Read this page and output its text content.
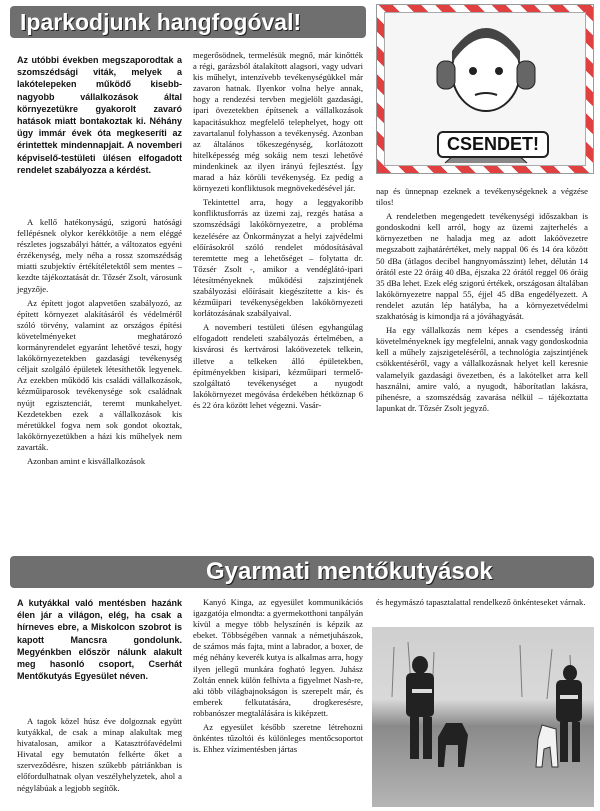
Iparkodjunk hangfogóval!

Az utóbbi években megszaporodtak a szomszédsági viták, melyek a lakótelepeken működő kisebb-nagyobb vállalkozások által környezetükre gyakorolt zavaró hatások miatt bontakoztak ki. Néhány ügy immár évek óta megkeseríti az érintettek mindennapjait. A novemberi képviselő-testületi ülésen elfogadott rendelet szabályozza a kérdést.

A kellő hatékonyságú, szigorú hatósági fellépésnek olykor kerékkötője a nem eléggé részletes jogszabályi háttér, a változatos egyéni érzékenység, mely néha a rossz szomszédság miatti szubjektív értékítéletektől sem mentes – kezdte tájékoztatását dr. Tőzsér Zsolt, városunk jegyzője.

Az épített jogot alapvetően szabályozó, az épített környezet alakításáról és védelméről szóló törvény, valamint az országos építési követelményeket meghatározó kormányrendelet egyaránt lehetővé teszi, hogy lakókörnyezetekben gazdasági tevékenység céljait szolgáló épületek létesíthetők legyenek. Az ezekben működő kis családi vállalkozások, kézműiparosok tevékenysége sok családnak nyújt egzisztenciát, teremt munkahelyet. Kezdetekben ezek a vállalkozások kis méretükkel fogva nem sok gondot okoztak, lakókörnyezetükben a házi kis műhelyek nem zavarták.

Azonban amint e kisvállalkozások

megerősödnek, termelésük megnő, már kinőtték a régi, garázsból átalakított alagsori, vagy udvari kis műhelyt, intenzívebb tevékenységükkel már zavaron hatnak. Ilyenkor volna helye annak, hogy a rendezési tervben megjelölt gazdasági, ipari övezetekben építsenek a vállalkozások kapacitásukhoz megfelelő telephelyet, hogy ott zavartalanul folyhasson a tevékenység. Azonban az általános tőkeszegénység, korlátozott hitelképesség még sokáig nem teszi lehetővé mindenkinek az ilyen irányú fejlesztést. Így marad a ház körüli tevékenység. Ez pedig a környezeti konfliktusok megnövekedésével jár.

Tekintettel arra, hogy a leggyakoribb konfliktusforrás az üzemi zaj, rezgés hatása a szomszédsági lakókörnyezetre, a probléma kezelésére az Önkormányzat a helyi zajvédelmi előírásokról szóló rendelet módosításával teremtette meg a lehetőséget – folytatta dr. Tőzsér Zsolt -, amikor a vendéglátó-ipari létesítményeknek működési zajszintjének szabályozási előírásait kiegészítette a kis- és kézműipari tevékenységekben lakókörnyezeti korlátozásának szabályaival.

A novemberi testületi ülésen egyhangúlag elfogadott rendeleti szabályozás értelmében, a kisvárosi és kertvárosi lakóövezetek telkein, illetve a telkeken álló épületekben, építményekben kisipari, kézműipari termelő- szolgáltató tevékenységet a nyugodt lakókörnyezet megóvása érdekében hétköznap 6 és 22 óra között lehet végezni. Vasár-

CSENDET!

nap és ünnepnap ezeknek a tevékenységeknek a végzése tilos!

A rendeletben megengedett tevékenységi időszakban is gondoskodni kell arról, hogy az üzemi zajterhelés a környezetben ne haladja meg az adott lakóövezetre megszabott zajhatárértéket, mely nappal 06 és 14 óra között 50 dBa (átlagos decibel hangnyomásszint) lehet, délután 14 órától este 22 óráig 40 dBa, éjszaka 22 órától reggel 06 óráig 35 dBa lehet. Ezek elég szigorú értékek, országosan általában lakókörnyezetre nappal 55, éjjel 45 dBa engedélyezett. A rendelet azután lép hatályba, ha a környezetvédelmi szakhatóság is kimondja rá a jóváhagyását.

Ha egy vállalkozás nem képes a csendesség iránti követelményeknek így megfelelni, annak vagy gondoskodnia kell a műhely zajszigeteléséről, a technológia zajszintjének csökkentéséről, vagy a vállalkozásnak helyet kell keresnie valamelyik gazdasági övezetben, és a lakótelket arra kell használni, amire való, a nyugodt, háborítatlan lakásra, pihenésre, a szomszédság zavarása nélkül – tájékoztatta lapunkat dr. Tőzsér Zsolt jegyző.

Gyarmati mentőkutyások

A kutyákkal való mentésben hazánk élen jár a világon, elég, ha csak a hírneves ebre, a Miskolcon szobrot is kapott Mancsra gondolunk. Megyénkben először nálunk alakult meg hasonló csoport, Cserhát Mentőkutyás Egyesület néven.

A tagok közel húsz éve dolgoznak együtt kutyákkal, de csak a minap alakultak meg hivatalosan, amikor a Katasztrófavédelmi Hivatal egy bemutatón felkérte őket a szerveződésre, hiszen szűkebb pátriánkban is előfordulhatnak olyan veszélyhelyzetek, ahol a négylábúak a legjobb segítők.

Kanyó Kinga, az egyesület kommunikációs igazgatója elmondta: a gyermekotthoni tanpályán kívül a megye több helyszínén is képzik az ebeket. Többségében vannak a németjuhászok, de számos más fajta, mint a labrador, a boxer, de még néhány keverék kutya is alkalmas arra, hogy ilyen jellegű munkára fogható legyen. Juhász Zoltán ennek külön felhívta a figyelmet Nash-re, aki több világbajnokságon is szerepelt már, és emberek felkutatására, drogkeresésre, robbanószer megtalálására is kiképzett.

Az egyesület később szeretne létrehozni önkéntes tűzoltói és különleges mentőcsoportot is. Ehhez vízimentésben jártas

és hegymászó tapasztalattal rendelkező önkénteseket várnak.
